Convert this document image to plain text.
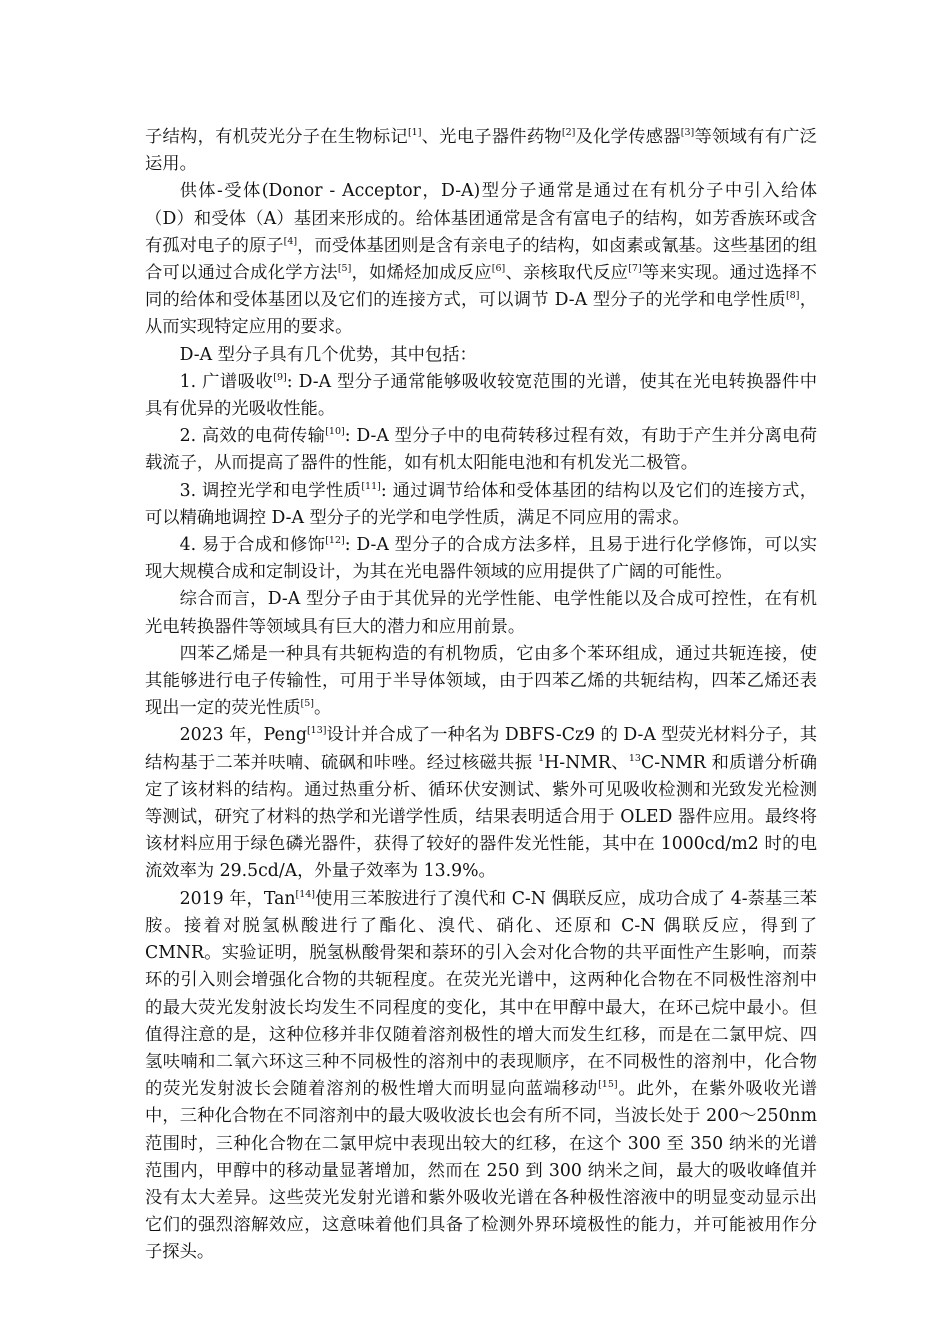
子结构，有机荧光分子在生物标记[1]、光电子器件药物[2]及化学传感器[3]等领域有有广泛运用。

供体-受体(Donor - Acceptor，D-A)型分子通常是通过在有机分子中引入给体（D）和受体（A）基团来形成的。给体基团通常是含有富电子的结构，如芳香族环或含有孤对电子的原子[4]，而受体基团则是含有亲电子的结构，如卤素或氰基。这些基团的组合可以通过合成化学方法[5]，如烯烃加成反应[6]、亲核取代反应[7]等来实现。通过选择不同的给体和受体基团以及它们的连接方式，可以调节 D-A 型分子的光学和电学性质[8]，从而实现特定应用的要求。

D-A 型分子具有几个优势，其中包括：

1. 广谱吸收[9]: D-A 型分子通常能够吸收较宽范围的光谱，使其在光电转换器件中具有优异的光吸收性能。

2. 高效的电荷传输[10]: D-A 型分子中的电荷转移过程有效，有助于产生并分离电荷载流子，从而提高了器件的性能，如有机太阳能电池和有机发光二极管。

3. 调控光学和电学性质[11]: 通过调节给体和受体基团的结构以及它们的连接方式，可以精确地调控 D-A 型分子的光学和电学性质，满足不同应用的需求。

4. 易于合成和修饰[12]: D-A 型分子的合成方法多样，且易于进行化学修饰，可以实现大规模合成和定制设计，为其在光电器件领域的应用提供了广阔的可能性。

综合而言，D-A 型分子由于其优异的光学性能、电学性能以及合成可控性，在有机光电转换器件等领域具有巨大的潜力和应用前景。

四苯乙烯是一种具有共轭构造的有机物质，它由多个苯环组成，通过共轭连接，使其能够进行电子传输性，可用于半导体领域，由于四苯乙烯的共轭结构，四苯乙烯还表现出一定的荧光性质[5]。

2023 年，Peng[13]设计并合成了一种名为 DBFS-Cz9 的 D-A 型荧光材料分子，其结构基于二苯并呋喃、硫砜和咔唑。经过核磁共振 $^1$H-NMR、$^{13}$C-NMR 和质谱分析确定了该材料的结构。通过热重分析、循环伏安测试、紫外可见吸收检测和光致发光检测等测试，研究了材料的热学和光谱学性质，结果表明适合用于 OLED 器件应用。最终将该材料应用于绿色磷光器件，获得了较好的器件发光性能，其中在 1000cd/m2 时的电流效率为 29.5cd/A，外量子效率为 13.9%。

2019 年，Tan[14]使用三苯胺进行了溴代和 C-N 偶联反应，成功合成了 4-萘基三苯胺。接着对脱氢枞酸进行了酯化、溴代、硝化、还原和 C-N 偶联反应，得到了 CMNR。实验证明，脱氢枞酸骨架和萘环的引入会对化合物的共平面性产生影响，而萘环的引入则会增强化合物的共轭程度。在荧光光谱中，这两种化合物在不同极性溶剂中的最大荧光发射波长均发生不同程度的变化，其中在甲醇中最大，在环己烷中最小。但值得注意的是，这种位移并非仅随着溶剂极性的增大而发生红移，而是在二氯甲烷、四氢呋喃和二氧六环这三种不同极性的溶剂中的表现顺序，在不同极性的溶剂中，化合物的荧光发射波长会随着溶剂的极性增大而明显向蓝端移动[15]。此外，在紫外吸收光谱中，三种化合物在不同溶剂中的最大吸收波长也会有所不同，当波长处于 200～250nm 范围时，三种化合物在二氯甲烷中表现出较大的红移，在这个 300 至 350 纳米的光谱范围内，甲醇中的移动量显著增加，然而在 250 到 300 纳米之间，最大的吸收峰值并没有太大差异。这些荧光发射光谱和紫外吸收光谱在各种极性溶液中的明显变动显示出它们的强烈溶解效应，这意味着他们具备了检测外界环境极性的能力，并可能被用作分子探头。
